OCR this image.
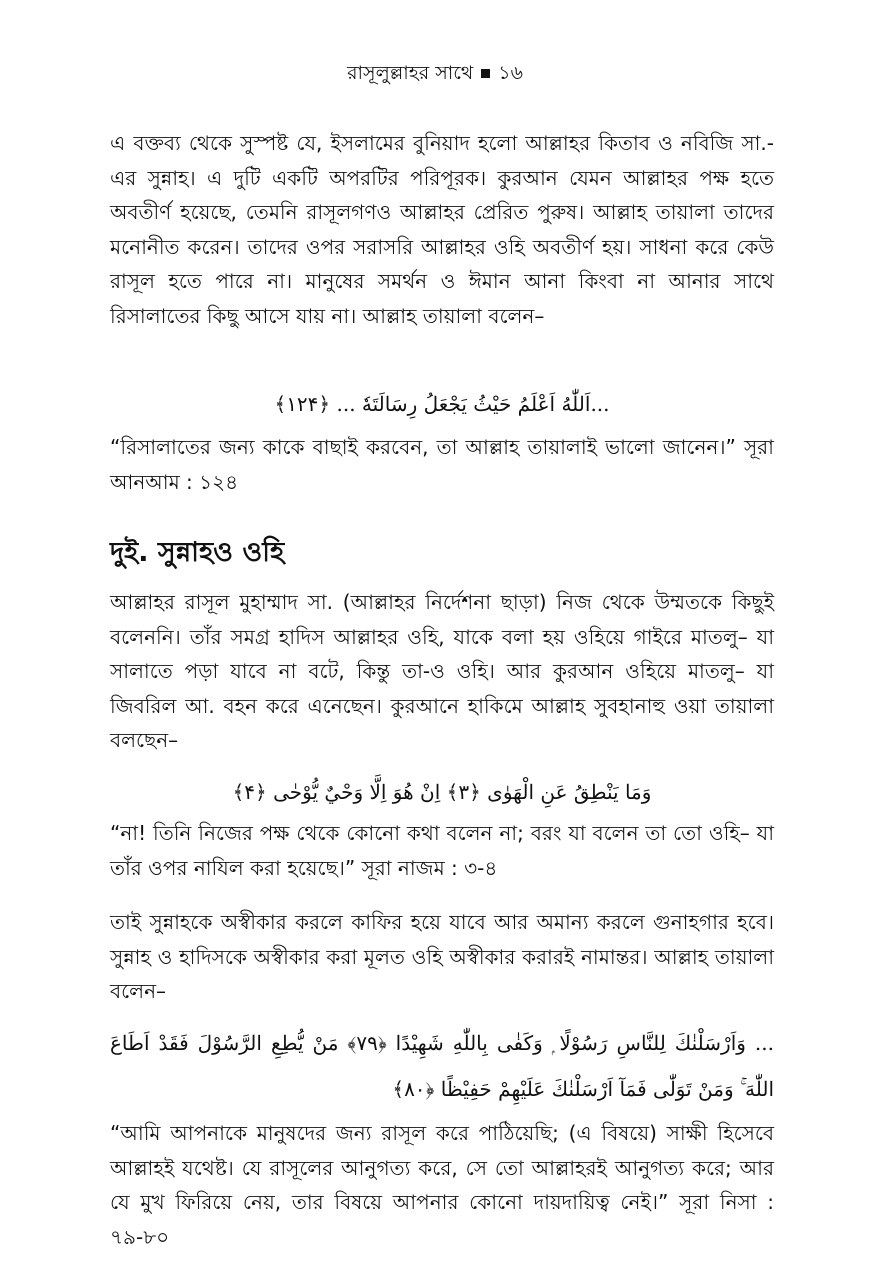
রাসূলুল্লাহর সাথে ১৬

এ বক্তব্য থেকে সুস্পষ্ট যে, ইসলামের বুনিয়াদ হলো আল্লাহর কিতাব ও নবিজি সা.-এর সুন্নাহ। এ দুটি একটি অপরটির পরিপূরক। কুরআন যেমন আল্লাহর পক্ষ হতে অবতীর্ণ হয়েছে, তেমনি রাসূলগণও আল্লাহর প্রেরিত পুরুষ। আল্লাহ তায়ালা তাদের মনোনীত করেন। তাদের ওপর সরাসরি আল্লাহর ওহি অবতীর্ণ হয়। সাধনা করে কেউ রাসূল হতে পারে না। মানুষের সমর্থন ও ঈমান আনা কিংবা না আনার সাথে রিসালাতের কিছু আসে যায় না। আল্লাহ তায়ালা বলেন–

...اَللّٰهُ اَعْلَمُ حَيْثُ يَجْعَلُ رِسَالَتَهٗ ... ﴿۱۲۴﴾

“রিসালাতের জন্য কাকে বাছাই করবেন, তা আল্লাহ তায়ালাই ভালো জানেন।” সূরা আনআম : ১২৪

দুই. সুন্নাহও ওহি

আল্লাহর রাসূল মুহাম্মাদ সা. (আল্লাহর নির্দেশনা ছাড়া) নিজ থেকে উম্মতকে কিছুই বলেননি। তাঁর সমগ্র হাদিস আল্লাহর ওহি, যাকে বলা হয় ওহিয়ে গাইরে মাতলু– যা সালাতে পড়া যাবে না বটে, কিন্তু তা-ও ওহি। আর কুরআন ওহিয়ে মাতলু– যা জিবরিল আ. বহন করে এনেছেন। কুরআনে হাকিমে আল্লাহ সুবহানাহু ওয়া তায়ালা বলছেন–

وَمَا يَنْطِقُ عَنِ الْهَوٰى ﴿۳﴾ اِنْ هُوَ اِلَّا وَحْيٌ يُّوْحٰى ﴿۴﴾

“না! তিনি নিজের পক্ষ থেকে কোনো কথা বলেন না; বরং যা বলেন তা তো ওহি– যা তাঁর ওপর নাযিল করা হয়েছে।” সূরা নাজম : ৩-৪

তাই সুন্নাহকে অস্বীকার করলে কাফির হয়ে যাবে আর অমান্য করলে গুনাহগার হবে। সুন্নাহ ও হাদিসকে অস্বীকার করা মূলত ওহি অস্বীকার করারই নামান্তর। আল্লাহ তায়ালা বলেন–

... وَاَرْسَلْنٰكَ لِلنَّاسِ رَسُوْلًا ۭ وَكَفٰى بِاللّٰهِ شَهِيْدًا ﴿۷۹﴾ مَنْ يُّطِعِ الرَّسُوْلَ فَقَدْ اَطَاعَ اللّٰهَ ۚ وَمَنْ تَوَلّٰى فَمَآ اَرْسَلْنٰكَ عَلَيْهِمْ حَفِيْظًا ﴿۸۰﴾

“আমি আপনাকে মানুষদের জন্য রাসূল করে পাঠিয়েছি; (এ বিষয়ে) সাক্ষী হিসেবে আল্লাহই যথেষ্ট। যে রাসূলের আনুগত্য করে, সে তো আল্লাহরই আনুগত্য করে; আর যে মুখ ফিরিয়ে নেয়, তার বিষয়ে আপনার কোনো দায়দায়িত্ব নেই।” সূরা নিসা : ৭৯-৮০
